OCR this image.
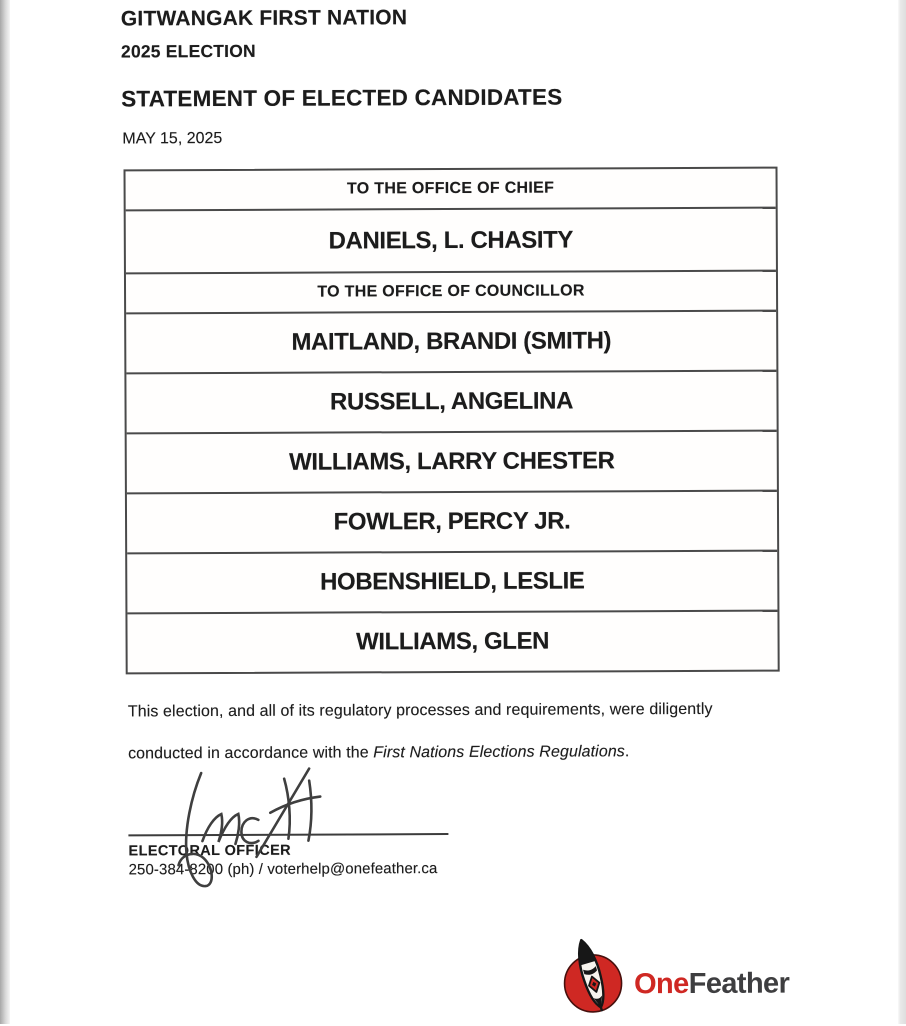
GITWANGAK FIRST NATION
2025 ELECTION
STATEMENT OF ELECTED CANDIDATES
MAY 15, 2025
TO THE OFFICE OF CHIEF
DANIELS, L. CHASITY
TO THE OFFICE OF COUNCILLOR
MAITLAND, BRANDI (SMITH)
RUSSELL, ANGELINA
WILLIAMS, LARRY CHESTER
FOWLER, PERCY JR.
HOBENSHIELD, LESLIE
WILLIAMS, GLEN
This election, and all of its regulatory processes and requirements, were diligently
conducted in accordance with the First Nations Elections Regulations.
ELECTORAL OFFICER
250-384-8200 (ph) / voterhelp@onefeather.ca
OneFeather
